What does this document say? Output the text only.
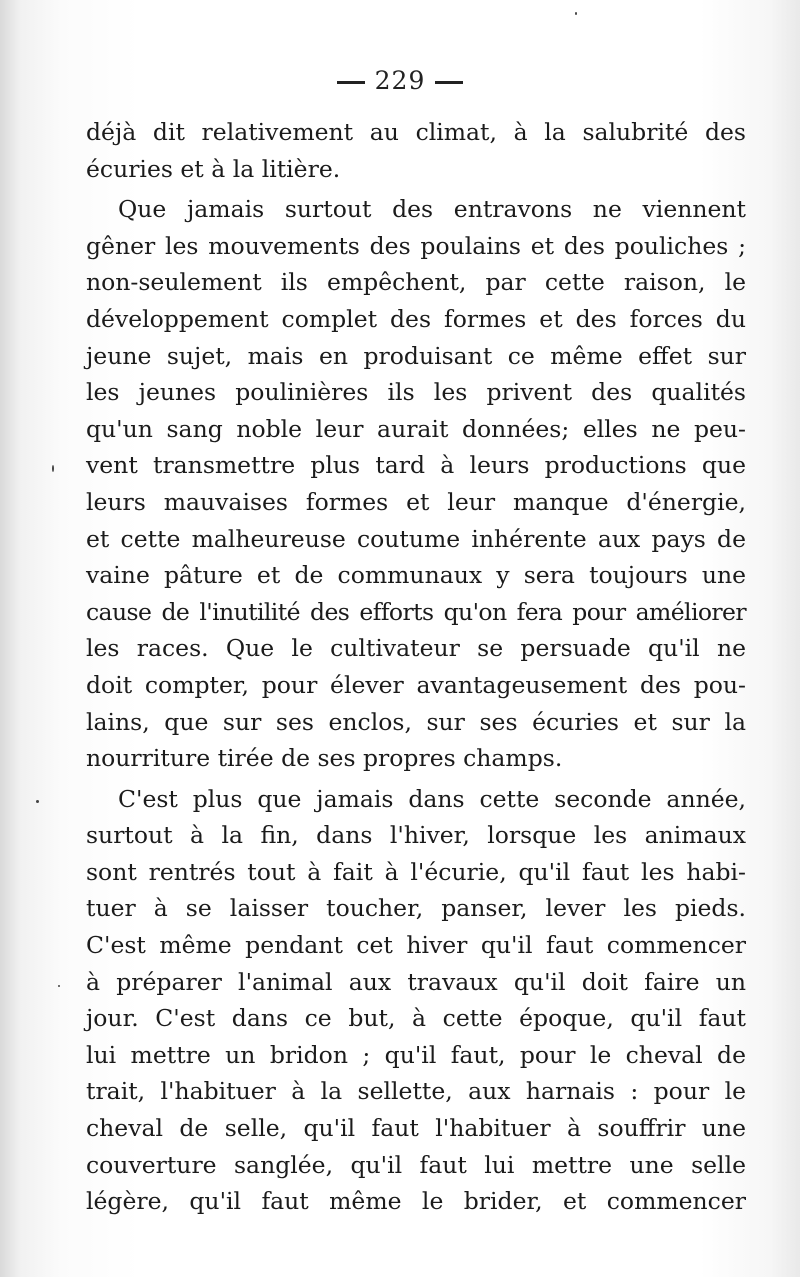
229
déjà dit relativement au climat, à la salubrité des
écuries et à la litière.
Que jamais surtout des entravons ne viennent
gêner les mouvements des poulains et des pouliches ;
non-seulement ils empêchent, par cette raison, le
développement complet des formes et des forces du
jeune sujet, mais en produisant ce même effet sur
les jeunes poulinières ils les privent des qualités
qu'un sang noble leur aurait données; elles ne peu-
vent transmettre plus tard à leurs productions que
leurs mauvaises formes et leur manque d'énergie,
et cette malheureuse coutume inhérente aux pays de
vaine pâture et de communaux y sera toujours une
cause de l'inutilité des efforts qu'on fera pour améliorer
les races. Que le cultivateur se persuade qu'il ne
doit compter, pour élever avantageusement des pou-
lains, que sur ses enclos, sur ses écuries et sur la
nourriture tirée de ses propres champs.
C'est plus que jamais dans cette seconde année,
surtout à la fin, dans l'hiver, lorsque les animaux
sont rentrés tout à fait à l'écurie, qu'il faut les habi-
tuer à se laisser toucher, panser, lever les pieds.
C'est même pendant cet hiver qu'il faut commencer
à préparer l'animal aux travaux qu'il doit faire un
jour. C'est dans ce but, à cette époque, qu'il faut
lui mettre un bridon ; qu'il faut, pour le cheval de
trait, l'habituer à la sellette, aux harnais : pour le
cheval de selle, qu'il faut l'habituer à souffrir une
couverture sanglée, qu'il faut lui mettre une selle
légère, qu'il faut même le brider, et commencer
